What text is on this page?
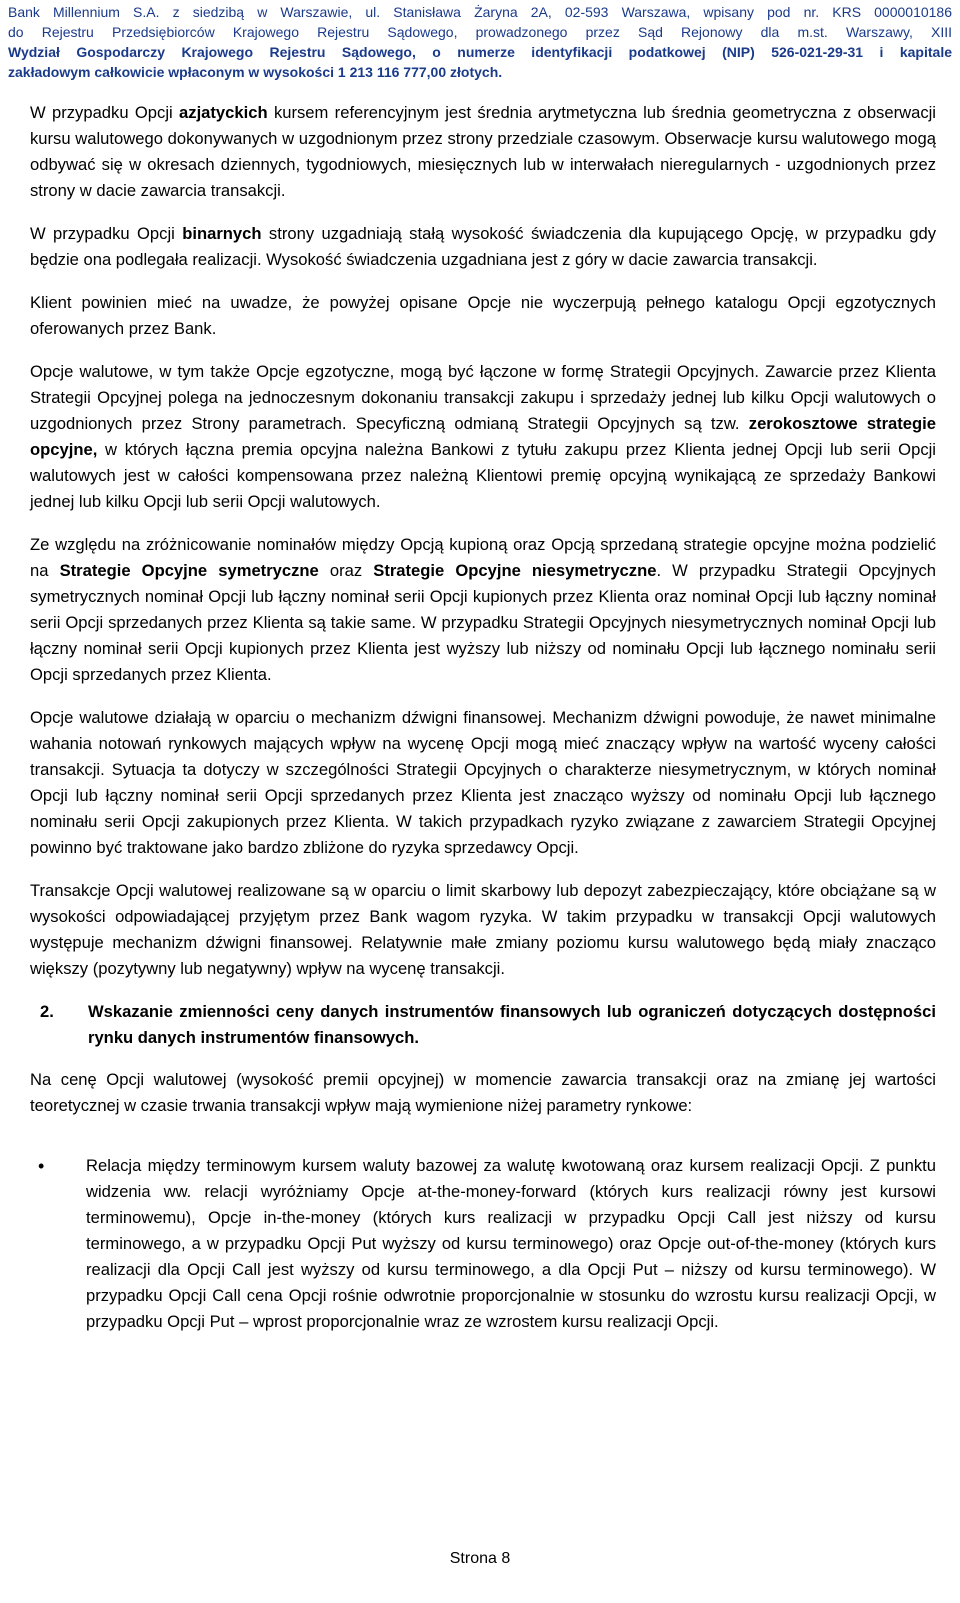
Bank Millennium S.A. z siedzibą w Warszawie, ul. Stanisława Żaryna 2A, 02-593 Warszawa, wpisany pod nr. KRS 0000010186
do Rejestru Przedsiębiorców Krajowego Rejestru Sądowego, prowadzonego przez Sąd Rejonowy dla m.st. Warszawy, XIII
Wydział Gospodarczy Krajowego Rejestru Sądowego, o numerze identyfikacji podatkowej (NIP) 526-021-29-31 i kapitale
zakładowym całkowicie wpłaconym w wysokości 1 213 116 777,00 złotych.

W przypadku Opcji azjatyckich kursem referencyjnym jest średnia arytmetyczna lub średnia geometryczna z obserwacji kursu walutowego dokonywanych w uzgodnionym przez strony przedziale czasowym. Obserwacje kursu walutowego mogą odbywać się w okresach dziennych, tygodniowych, miesięcznych lub w interwałach nieregularnych - uzgodnionych przez strony w dacie zawarcia transakcji.

W przypadku Opcji binarnych strony uzgadniają stałą wysokość świadczenia dla kupującego Opcję, w przypadku gdy będzie ona podlegała realizacji. Wysokość świadczenia uzgadniana jest z góry w dacie zawarcia transakcji.

Klient powinien mieć na uwadze, że powyżej opisane Opcje nie wyczerpują pełnego katalogu Opcji egzotycznych oferowanych przez Bank.

Opcje walutowe, w tym także Opcje egzotyczne, mogą być łączone w formę Strategii Opcyjnych. Zawarcie przez Klienta Strategii Opcyjnej polega na jednoczesnym dokonaniu transakcji zakupu i sprzedaży jednej lub kilku Opcji walutowych o uzgodnionych przez Strony parametrach. Specyficzną odmianą Strategii Opcyjnych są tzw. zerokosztowe strategie opcyjne, w których łączna premia opcyjna należna Bankowi z tytułu zakupu przez Klienta jednej Opcji lub serii Opcji walutowych jest w całości kompensowana przez należną Klientowi premię opcyjną wynikającą ze sprzedaży Bankowi jednej lub kilku Opcji lub serii Opcji walutowych.

Ze względu na zróżnicowanie nominałów między Opcją kupioną oraz Opcją sprzedaną strategie opcyjne można podzielić na Strategie Opcyjne symetryczne oraz Strategie Opcyjne niesymetryczne. W przypadku Strategii Opcyjnych symetrycznych nominał Opcji lub łączny nominał serii Opcji kupionych przez Klienta oraz nominał Opcji lub łączny nominał serii Opcji sprzedanych przez Klienta są takie same. W przypadku Strategii Opcyjnych niesymetrycznych nominał Opcji lub łączny nominał serii Opcji kupionych przez Klienta jest wyższy lub niższy od nominału Opcji lub łącznego nominału serii Opcji sprzedanych przez Klienta.

Opcje walutowe działają w oparciu o mechanizm dźwigni finansowej. Mechanizm dźwigni powoduje, że nawet minimalne wahania notowań rynkowych mających wpływ na wycenę Opcji mogą mieć znaczący wpływ na wartość wyceny całości transakcji. Sytuacja ta dotyczy w szczególności Strategii Opcyjnych o charakterze niesymetrycznym, w których nominał Opcji lub łączny nominał serii Opcji sprzedanych przez Klienta jest znacząco wyższy od nominału Opcji lub łącznego nominału serii Opcji zakupionych przez Klienta. W takich przypadkach ryzyko związane z zawarciem Strategii Opcyjnej powinno być traktowane jako bardzo zbliżone do ryzyka sprzedawcy Opcji.

Transakcje Opcji walutowej realizowane są w oparciu o limit skarbowy lub depozyt zabezpieczający, które obciążane są w wysokości odpowiadającej przyjętym przez Bank wagom ryzyka. W takim przypadku w transakcji Opcji walutowych występuje mechanizm dźwigni finansowej. Relatywnie małe zmiany poziomu kursu walutowego będą miały znacząco większy (pozytywny lub negatywny) wpływ na wycenę transakcji.

2.	Wskazanie zmienności ceny danych instrumentów finansowych lub ograniczeń dotyczących dostępności rynku danych instrumentów finansowych.

Na cenę Opcji walutowej (wysokość premii opcyjnej) w momencie zawarcia transakcji oraz na zmianę jej wartości teoretycznej w czasie trwania transakcji wpływ mają wymienione niżej parametry rynkowe:

•	Relacja między terminowym kursem waluty bazowej za walutę kwotowaną oraz kursem realizacji Opcji. Z punktu widzenia ww. relacji wyróżniamy Opcje at-the-money-forward (których kurs realizacji równy jest kursowi terminowemu), Opcje in-the-money (których kurs realizacji w przypadku Opcji Call jest niższy od kursu terminowego, a w przypadku Opcji Put wyższy od kursu terminowego) oraz Opcje out-of-the-money (których kurs realizacji dla Opcji Call jest wyższy od kursu terminowego, a dla Opcji Put – niższy od kursu terminowego). W przypadku Opcji Call cena Opcji rośnie odwrotnie proporcjonalnie w stosunku do wzrostu kursu realizacji Opcji, w przypadku Opcji Put – wprost proporcjonalnie wraz ze wzrostem kursu realizacji Opcji.
Strona 8
